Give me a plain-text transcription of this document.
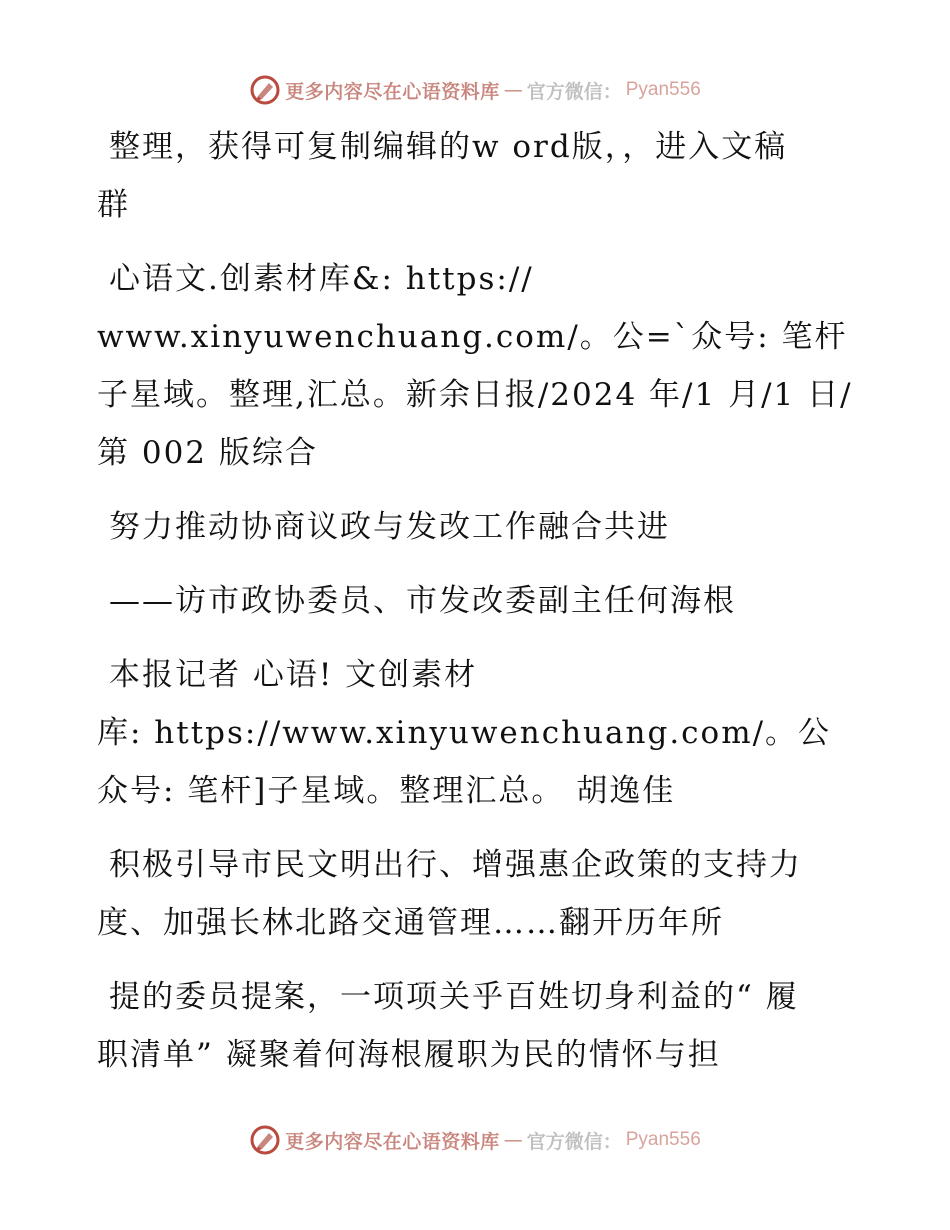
更多内容尽在心语资料库 — 官方微信： Pyan556

整理，获得可复制编辑的w ord版，，进入文稿
群

心语文.创素材库&: https://
www.xinyuwenchuang.com/。公=`众号: 笔杆子星域。整理,汇总。新余日报/2024 年/1 月/1 日/第 002 版综合

努力推动协商议政与发改工作融合共进

——访市政协委员、市发改委副主任何海根

本报记者 心语! 文创素材
库: https://www.xinyuwenchuang.com/。公众号: 笔杆]子星域。整理汇总。 胡逸佳

积极引导市民文明出行、增强惠企政策的支持力
度、加强长林北路交通管理……翻开历年所

提的委员提案，一项项关乎百姓切身利益的“ 履
职清单” 凝聚着何海根履职为民的情怀与担

更多内容尽在心语资料库 — 官方微信： Pyan556
